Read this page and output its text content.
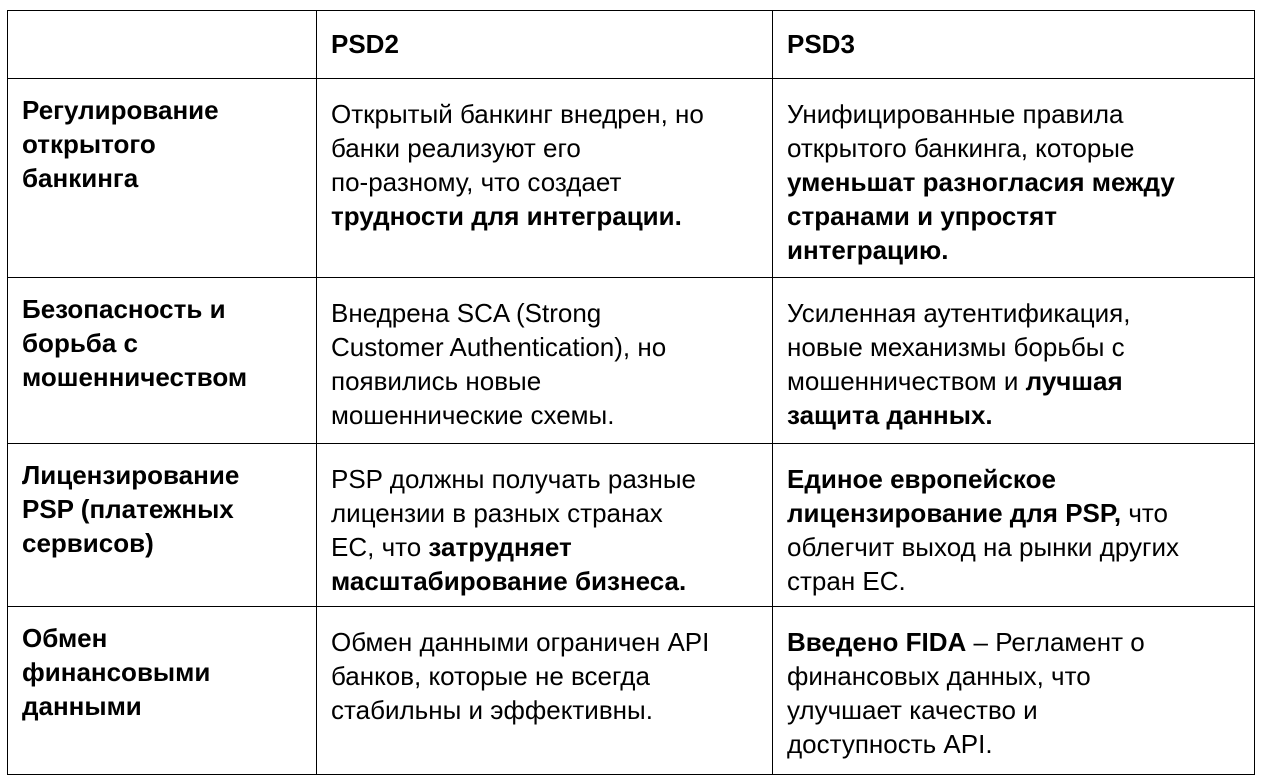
	PSD2	PSD3

Регулирование
открытого
банкинга	Открытый банкинг внедрен, но
банки реализуют его
по-разному, что создает
трудности для интеграции.	Унифицированные правила
открытого банкинга, которые
уменьшат разногласия между
странами и упростят
интеграцию.

Безопасность и
борьба с
мошенничеством	Внедрена SCA (Strong
Customer Authentication), но
появились новые
мошеннические схемы.	Усиленная аутентификация,
новые механизмы борьбы с
мошенничеством и лучшая
защита данных.

Лицензирование
PSP (платежных
сервисов)	PSP должны получать разные
лицензии в разных странах
ЕС, что затрудняет
масштабирование бизнеса.	Единое европейское
лицензирование для PSP, что
облегчит выход на рынки других
стран ЕС.

Обмен
финансовыми
данными	Обмен данными ограничен API
банков, которые не всегда
стабильны и эффективны.	Введено FIDA – Регламент о
финансовых данных, что
улучшает качество и
доступность API.
